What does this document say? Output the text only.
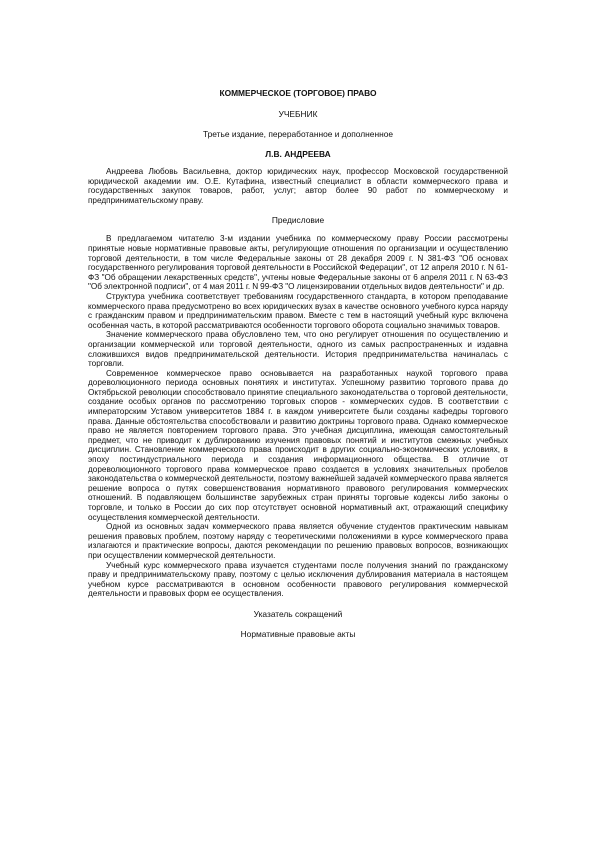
КОММЕРЧЕСКОЕ (ТОРГОВОЕ) ПРАВО
УЧЕБНИК
Третье издание, переработанное и дополненное
Л.В. АНДРЕЕВА

Андреева Любовь Васильевна, доктор юридических наук, профессор Московской государственной юридической академии им. О.Е. Кутафина, известный специалист в области коммерческого права и государственных закупок товаров, работ, услуг; автор более 90 работ по коммерческому и предпринимательскому праву.

Предисловие

В предлагаемом читателю 3-м издании учебника по коммерческому праву России рассмотрены принятые новые нормативные правовые акты, регулирующие отношения по организации и осуществлению торговой деятельности, в том числе Федеральные законы от 28 декабря 2009 г. N 381-ФЗ "Об основах государственного регулирования торговой деятельности в Российской Федерации", от 12 апреля 2010 г. N 61-ФЗ "Об обращении лекарственных средств", учтены новые Федеральные законы от 6 апреля 2011 г. N 63-ФЗ "Об электронной подписи", от 4 мая 2011 г. N 99-ФЗ "О лицензировании отдельных видов деятельности" и др.

Структура учебника соответствует требованиям государственного стандарта, в котором преподавание коммерческого права предусмотрено во всех юридических вузах в качестве основного учебного курса наряду с гражданским правом и предпринимательским правом. Вместе с тем в настоящий учебный курс включена особенная часть, в которой рассматриваются особенности торгового оборота социально значимых товаров.

Значение коммерческого права обусловлено тем, что оно регулирует отношения по осуществлению и организации коммерческой или торговой деятельности, одного из самых распространенных и издавна сложившихся видов предпринимательской деятельности. История предпринимательства начиналась с торговли.

Современное коммерческое право основывается на разработанных наукой торгового права дореволюционного периода основных понятиях и институтах. Успешному развитию торгового права до Октябрьской революции способствовало принятие специального законодательства о торговой деятельности, создание особых органов по рассмотрению торговых споров - коммерческих судов. В соответствии с императорским Уставом университетов 1884 г. в каждом университете были созданы кафедры торгового права. Данные обстоятельства способствовали и развитию доктрины торгового права. Однако коммерческое право не является повторением торгового права. Это учебная дисциплина, имеющая самостоятельный предмет, что не приводит к дублированию изучения правовых понятий и институтов смежных учебных дисциплин. Становление коммерческого права происходит в других социально-экономических условиях, в эпоху постиндустриального периода и создания информационного общества. В отличие от дореволюционного торгового права коммерческое право создается в условиях значительных пробелов законодательства о коммерческой деятельности, поэтому важнейшей задачей коммерческого права является решение вопроса о путях совершенствования нормативного правового регулирования коммерческих отношений. В подавляющем большинстве зарубежных стран приняты торговые кодексы либо законы о торговле, и только в России до сих пор отсутствует основной нормативный акт, отражающий специфику осуществления коммерческой деятельности.

Одной из основных задач коммерческого права является обучение студентов практическим навыкам решения правовых проблем, поэтому наряду с теоретическими положениями в курсе коммерческого права излагаются и практические вопросы, даются рекомендации по решению правовых вопросов, возникающих при осуществлении коммерческой деятельности.

Учебный курс коммерческого права изучается студентами после получения знаний по гражданскому праву и предпринимательскому праву, поэтому с целью исключения дублирования материала в настоящем учебном курсе рассматриваются в основном особенности правового регулирования коммерческой деятельности и правовых форм ее осуществления.

Указатель сокращений
Нормативные правовые акты
